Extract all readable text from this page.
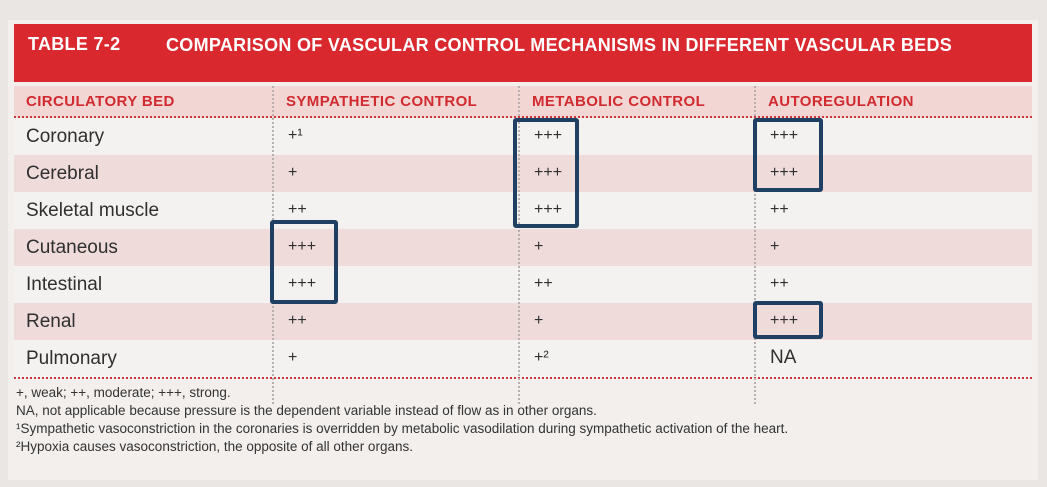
TABLE 7-2	COMPARISON OF VASCULAR CONTROL MECHANISMS IN DIFFERENT VASCULAR BEDS
CIRCULATORY BED	SYMPATHETIC CONTROL	METABOLIC CONTROL	AUTOREGULATION
Coronary	+¹	+++	+++
Cerebral	+	+++	+++
Skeletal muscle	++	+++	++
Cutaneous	+++	+	+
Intestinal	+++	++	++
Renal	++	+	+++
Pulmonary	+	+²	NA
+, weak; ++, moderate; +++, strong.
NA, not applicable because pressure is the dependent variable instead of flow as in other organs.
¹Sympathetic vasoconstriction in the coronaries is overridden by metabolic vasodilation during sympathetic activation of the heart.
²Hypoxia causes vasoconstriction, the opposite of all other organs.
